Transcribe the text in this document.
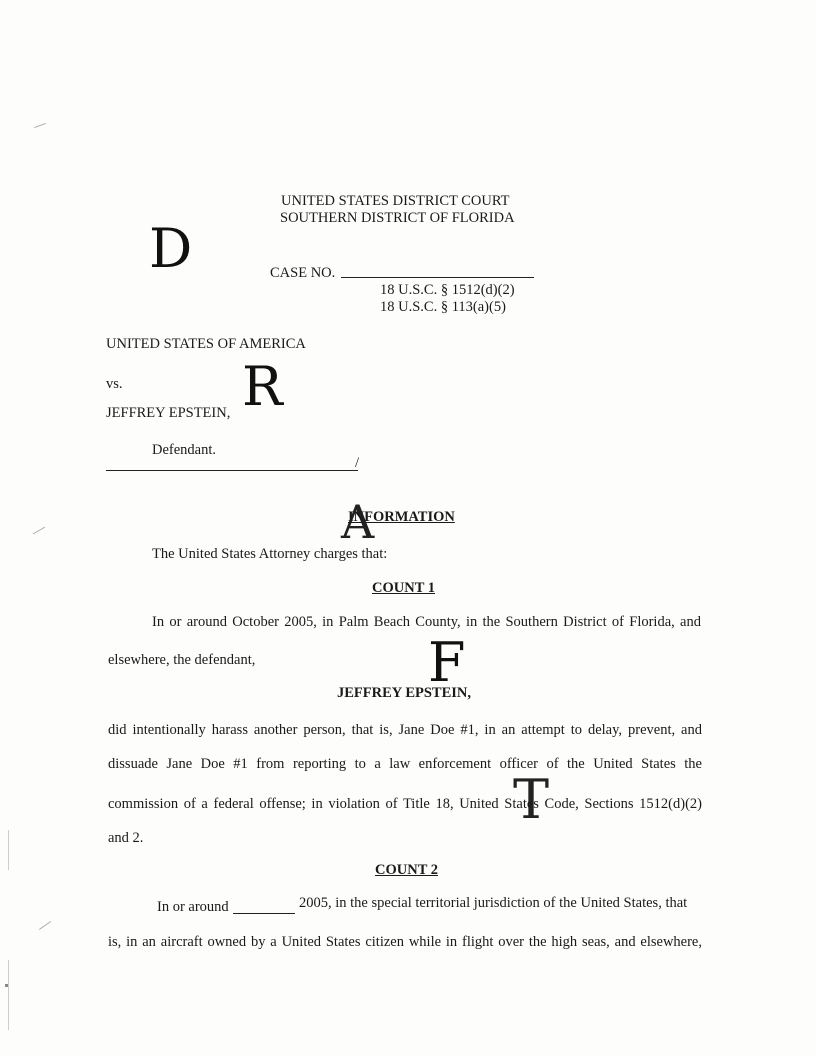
UNITED STATES DISTRICT COURT
SOUTHERN DISTRICT OF FLORIDA
D	CASE NO.
18 U.S.C. § 1512(d)(2)
18 U.S.C. § 113(a)(5)
UNITED STATES OF AMERICA
vs. R
JEFFREY EPSTEIN,
Defendant.
/
A
INFORMATION
The United States Attorney charges that:
COUNT 1
In or around October 2005, in Palm Beach County, in the Southern District of Florida, and
elsewhere, the defendant,	F
JEFFREY EPSTEIN,
did intentionally harass another person, that is, Jane Doe #1, in an attempt to delay, prevent, and
dissuade Jane Doe #1 from reporting to a law enforcement officer of the United States the
T
commission of a federal offense; in violation of Title 18, United States Code, Sections 1512(d)(2)
and 2.
COUNT 2
In or around	2005, in the special territorial jurisdiction of the United States, that
is, in an aircraft owned by a United States citizen while in flight over the high seas, and elsewhere,
